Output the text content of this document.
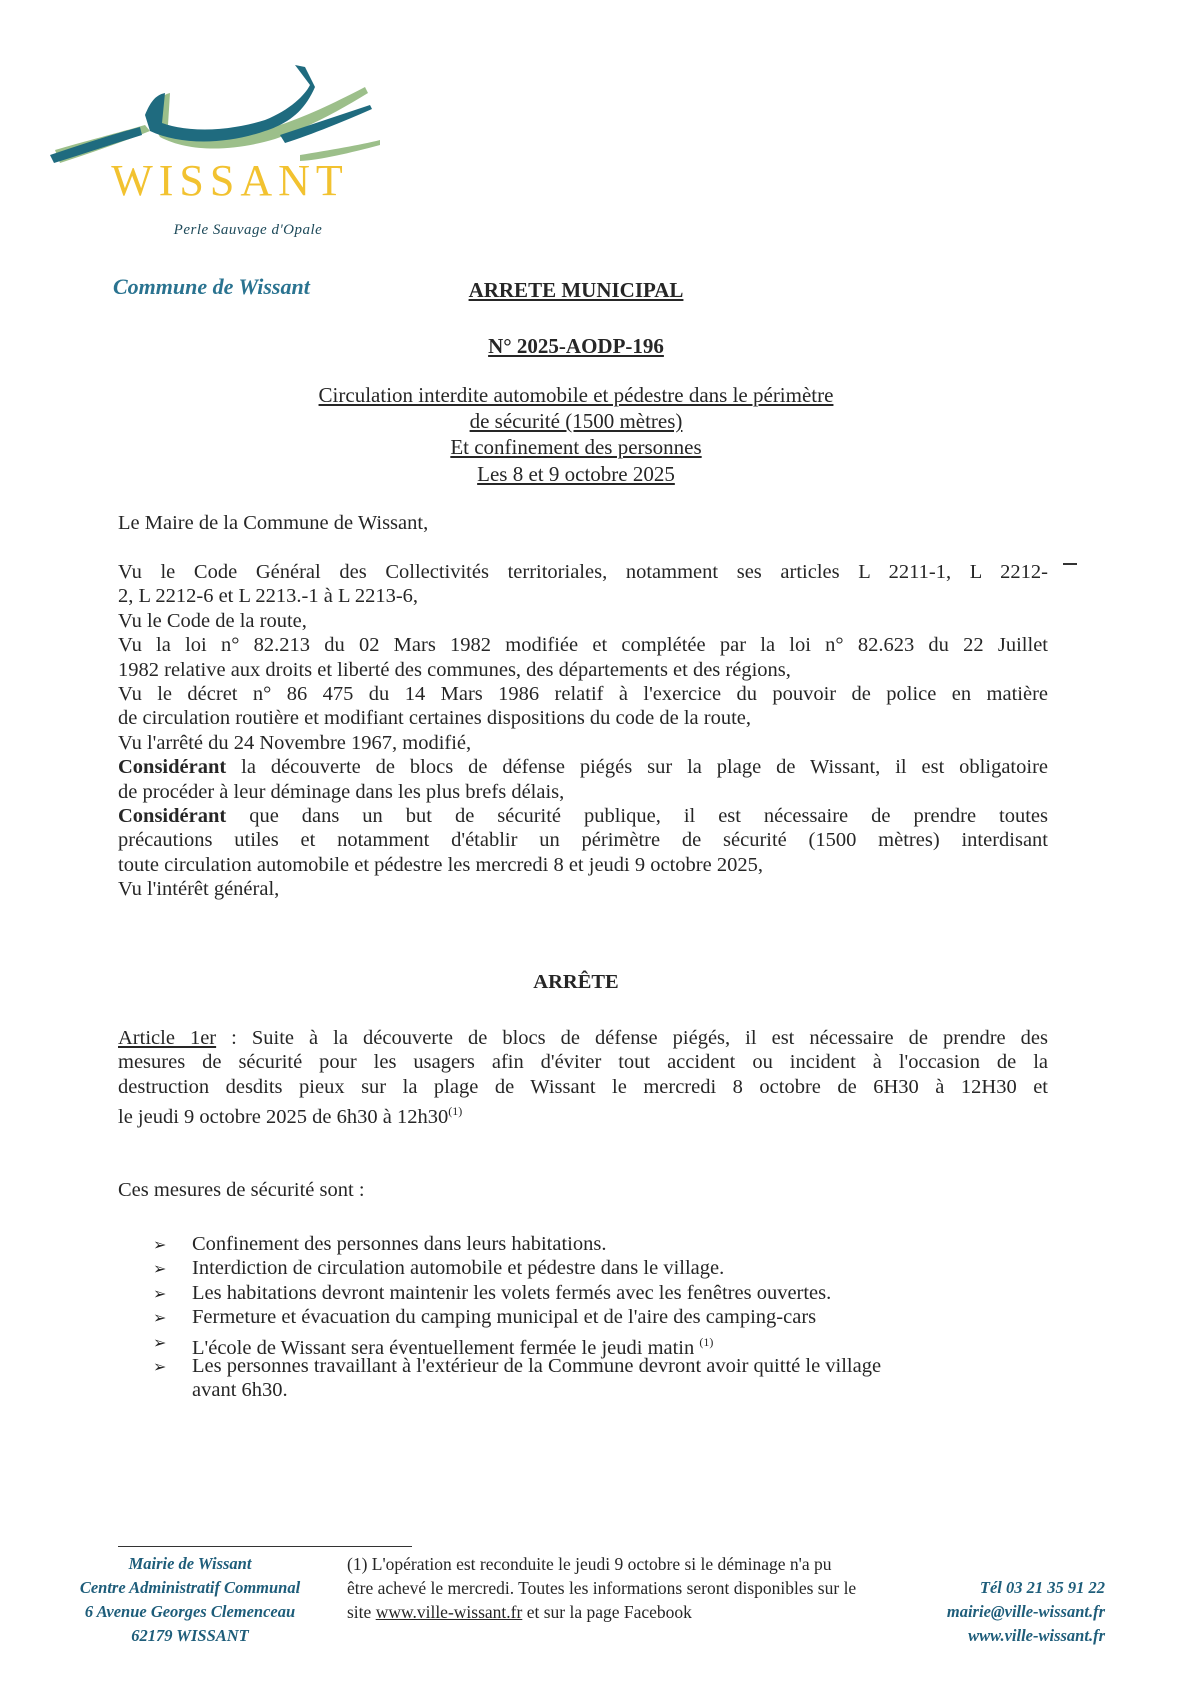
WISSANT
Perle Sauvage d'Opale
Commune de Wissant	ARRETE MUNICIPAL
N° 2025-AODP-196
Circulation interdite automobile et pédestre dans le périmètre
de sécurité (1500 mètres)
Et confinement des personnes
Les 8 et 9 octobre 2025
Le Maire de la Commune de Wissant,
Vu le Code Général des Collectivités territoriales, notamment ses articles L 2211-1, L 2212-
2, L 2212-6 et L 2213.-1 à L 2213-6,
Vu le Code de la route,
Vu la loi n° 82.213 du 02 Mars 1982 modifiée et complétée par la loi n° 82.623 du 22 Juillet
1982 relative aux droits et liberté des communes, des départements et des régions,
Vu le décret n° 86 475 du 14 Mars 1986 relatif à l'exercice du pouvoir de police en matière
de circulation routière et modifiant certaines dispositions du code de la route,
Vu l'arrêté du 24 Novembre 1967, modifié,
Considérant la découverte de blocs de défense piégés sur la plage de Wissant, il est obligatoire
de procéder à leur déminage dans les plus brefs délais,
Considérant que dans un but de sécurité publique, il est nécessaire de prendre toutes
précautions utiles et notamment d'établir un périmètre de sécurité (1500 mètres) interdisant
toute circulation automobile et pédestre les mercredi 8 et jeudi 9 octobre 2025,
Vu l'intérêt général,
ARRÊTE
Article 1er : Suite à la découverte de blocs de défense piégés, il est nécessaire de prendre des
mesures de sécurité pour les usagers afin d'éviter tout accident ou incident à l'occasion de la
destruction desdits pieux sur la plage de Wissant le mercredi 8 octobre de 6H30 à 12H30 et
le jeudi 9 octobre 2025 de 6h30 à 12h30$^{(1)}$
Ces mesures de sécurité sont :
➢ Confinement des personnes dans leurs habitations.
➢ Interdiction de circulation automobile et pédestre dans le village.
➢ Les habitations devront maintenir les volets fermés avec les fenêtres ouvertes.
➢ Fermeture et évacuation du camping municipal et de l'aire des camping-cars
➢ L'école de Wissant sera éventuellement fermée le jeudi matin $^{(1)}$
➢ Les personnes travaillant à l'extérieur de la Commune devront avoir quitté le village
avant 6h30.
Mairie de Wissant
Centre Administratif Communal
6 Avenue Georges Clemenceau
62179 WISSANT
(1) L'opération est reconduite le jeudi 9 octobre si le déminage n'a pu
être achevé le mercredi. Toutes les informations seront disponibles sur le
site www.ville-wissant.fr et sur la page Facebook
Tél 03 21 35 91 22
mairie@ville-wissant.fr
www.ville-wissant.fr
